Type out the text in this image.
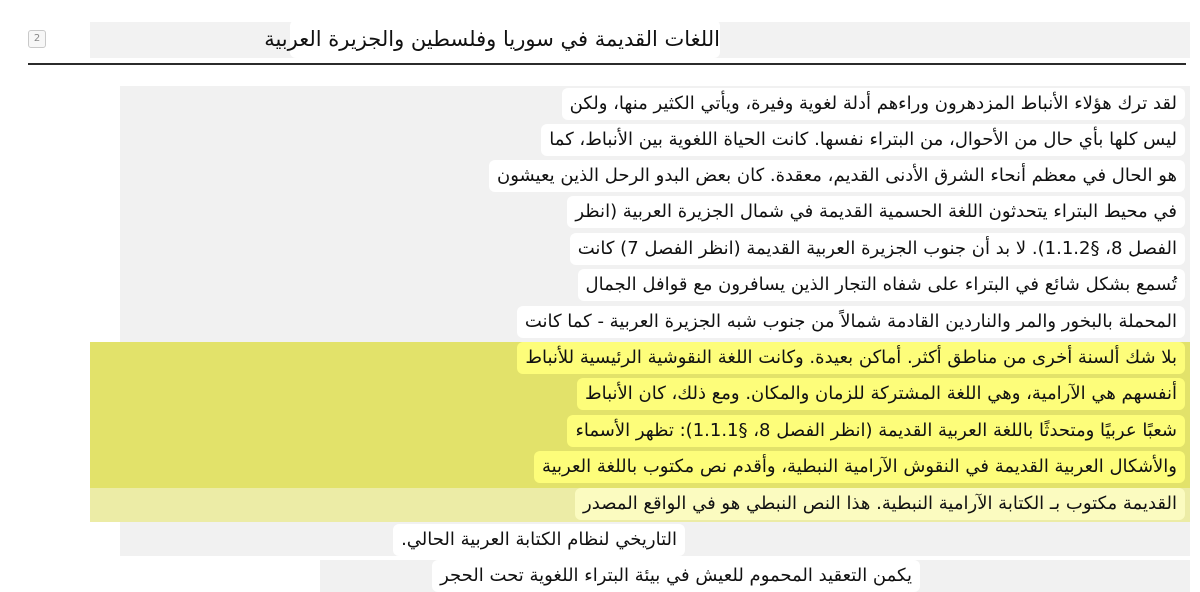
2	اللغات القديمة في سوريا وفلسطين والجزيرة العربية
لقد ترك هؤلاء الأنباط المزدهرون وراءهم أدلة لغوية وفيرة، ويأتي الكثير منها، ولكن
ليس كلها بأي حال من الأحوال، من البتراء نفسها. كانت الحياة اللغوية بين الأنباط، كما
هو الحال في معظم أنحاء الشرق الأدنى القديم، معقدة. كان بعض البدو الرحل الذين يعيشون
في محيط البتراء يتحدثون اللغة الحسمية القديمة في شمال الجزيرة العربية (انظر
الفصل 8، §1.1.2). لا بد أن جنوب الجزيرة العربية القديمة (انظر الفصل 7) كانت
تُسمع بشكل شائع في البتراء على شفاه التجار الذين يسافرون مع قوافل الجمال
المحملة بالبخور والمر والناردين القادمة شمالاً من جنوب شبه الجزيرة العربية - كما كانت
بلا شك ألسنة أخرى من مناطق أكثر. أماكن بعيدة. وكانت اللغة النقوشية الرئيسية للأنباط
أنفسهم هي الآرامية، وهي اللغة المشتركة للزمان والمكان. ومع ذلك، كان الأنباط
شعبًا عربيًا ومتحدثًا باللغة العربية القديمة (انظر الفصل 8، §1.1.1): تظهر الأسماء
والأشكال العربية القديمة في النقوش الآرامية النبطية، وأقدم نص مكتوب باللغة العربية
القديمة مكتوب بـ الكتابة الآرامية النبطية. هذا النص النبطي هو في الواقع المصدر
التاريخي لنظام الكتابة العربية الحالي.
يكمن التعقيد المحموم للعيش في بيئة البتراء اللغوية تحت الحجر
